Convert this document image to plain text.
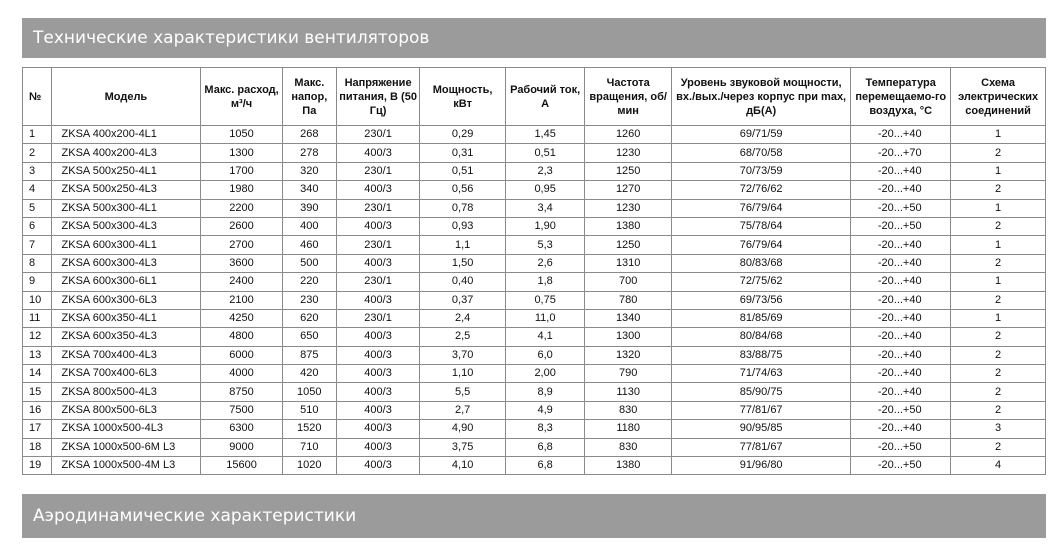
Технические характеристики вентиляторов
№	Модель	Макс. расход, м³/ч	Макс. напор, Па	Напряжение питания, В (50 Гц)	Мощность, кВт	Рабочий ток, А	Частота вращения, об/мин	Уровень звуковой мощности, вх./вых./через корпус при max, дБ(А)	Температура перемещаемо-го воздуха, °С	Схема электрических соединений
1	ZKSA 400x200-4L1	1050	268	230/1	0,29	1,45	1260	69/71/59	-20...+40	1
2	ZKSA 400x200-4L3	1300	278	400/3	0,31	0,51	1230	68/70/58	-20...+70	2
3	ZKSA 500x250-4L1	1700	320	230/1	0,51	2,3	1250	70/73/59	-20...+40	1
4	ZKSA 500x250-4L3	1980	340	400/3	0,56	0,95	1270	72/76/62	-20...+40	2
5	ZKSA 500x300-4L1	2200	390	230/1	0,78	3,4	1230	76/79/64	-20...+50	1
6	ZKSA 500x300-4L3	2600	400	400/3	0,93	1,90	1380	75/78/64	-20...+50	2
7	ZKSA 600x300-4L1	2700	460	230/1	1,1	5,3	1250	76/79/64	-20...+40	1
8	ZKSA 600x300-4L3	3600	500	400/3	1,50	2,6	1310	80/83/68	-20...+40	2
9	ZKSA 600x300-6L1	2400	220	230/1	0,40	1,8	700	72/75/62	-20...+40	1
10	ZKSA 600x300-6L3	2100	230	400/3	0,37	0,75	780	69/73/56	-20...+40	2
11	ZKSA 600x350-4L1	4250	620	230/1	2,4	11,0	1340	81/85/69	-20...+40	1
12	ZKSA 600x350-4L3	4800	650	400/3	2,5	4,1	1300	80/84/68	-20...+40	2
13	ZKSA 700x400-4L3	6000	875	400/3	3,70	6,0	1320	83/88/75	-20...+40	2
14	ZKSA 700x400-6L3	4000	420	400/3	1,10	2,00	790	71/74/63	-20...+40	2
15	ZKSA 800x500-4L3	8750	1050	400/3	5,5	8,9	1130	85/90/75	-20...+40	2
16	ZKSA 800x500-6L3	7500	510	400/3	2,7	4,9	830	77/81/67	-20...+50	2
17	ZKSA 1000x500-4L3	6300	1520	400/3	4,90	8,3	1180	90/95/85	-20...+40	3
18	ZKSA 1000x500-6M L3	9000	710	400/3	3,75	6,8	830	77/81/67	-20...+50	2
19	ZKSA 1000x500-4M L3	15600	1020	400/3	4,10	6,8	1380	91/96/80	-20...+50	4
Аэродинамические характеристики
